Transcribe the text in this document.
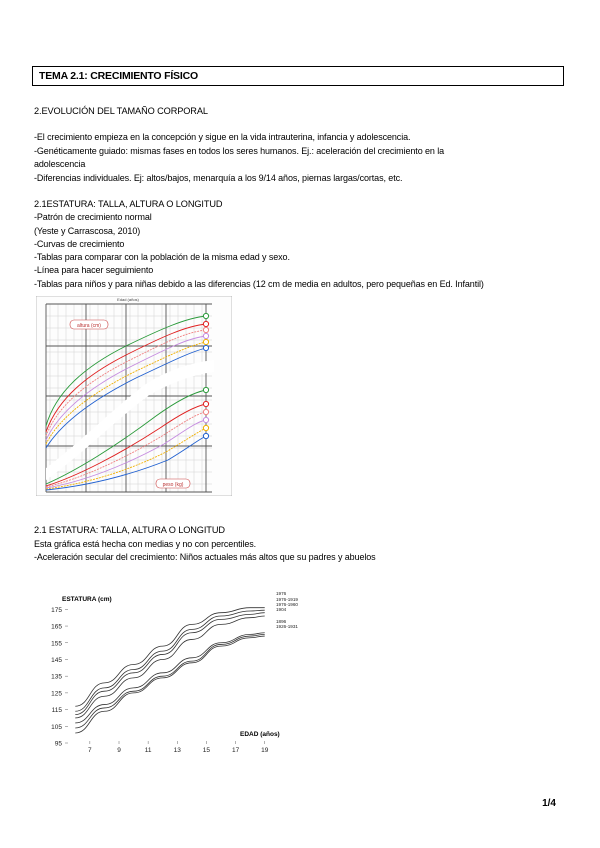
TEMA 2.1: CRECIMIENTO FÍSICO
2.EVOLUCIÓN DEL TAMAÑO CORPORAL
-El crecimiento empieza en la concepción y sigue en la vida intrauterina, infancia y adolescencia.
-Genéticamente guiado: mismas fases en todos los seres humanos. Ej.: aceleración del crecimiento en la
adolescencia
-Diferencias individuales. Ej: altos/bajos, menarquía a los 9/14 años, piernas largas/cortas, etc.
2.1ESTATURA: TALLA, ALTURA O LONGITUD
-Patrón de crecimiento normal
(Yeste y Carrascosa, 2010)
-Curvas de crecimiento
-Tablas para comparar con la población de la misma edad y sexo.
-Línea para hacer seguimiento
-Tablas para niños y para niñas debido a las diferencias (12 cm de media en adultos, pero pequeñas en Ed. Infantil)
Edad (años)
altura (cm)
peso (kg)
2.1 ESTATURA: TALLA, ALTURA O LONGITUD
Esta gráfica está hecha con medias y no con percentiles.
-Aceleración secular del crecimiento: Niños actuales más altos que su padres y abuelos
175
165
155
145
135
125
115
105
95
7	9	11	13	15	17	19
ESTATURA (cm)
EDAD (años)
1976
1976-1919
1976-1960
1904
1896
1926-1931
1/4
